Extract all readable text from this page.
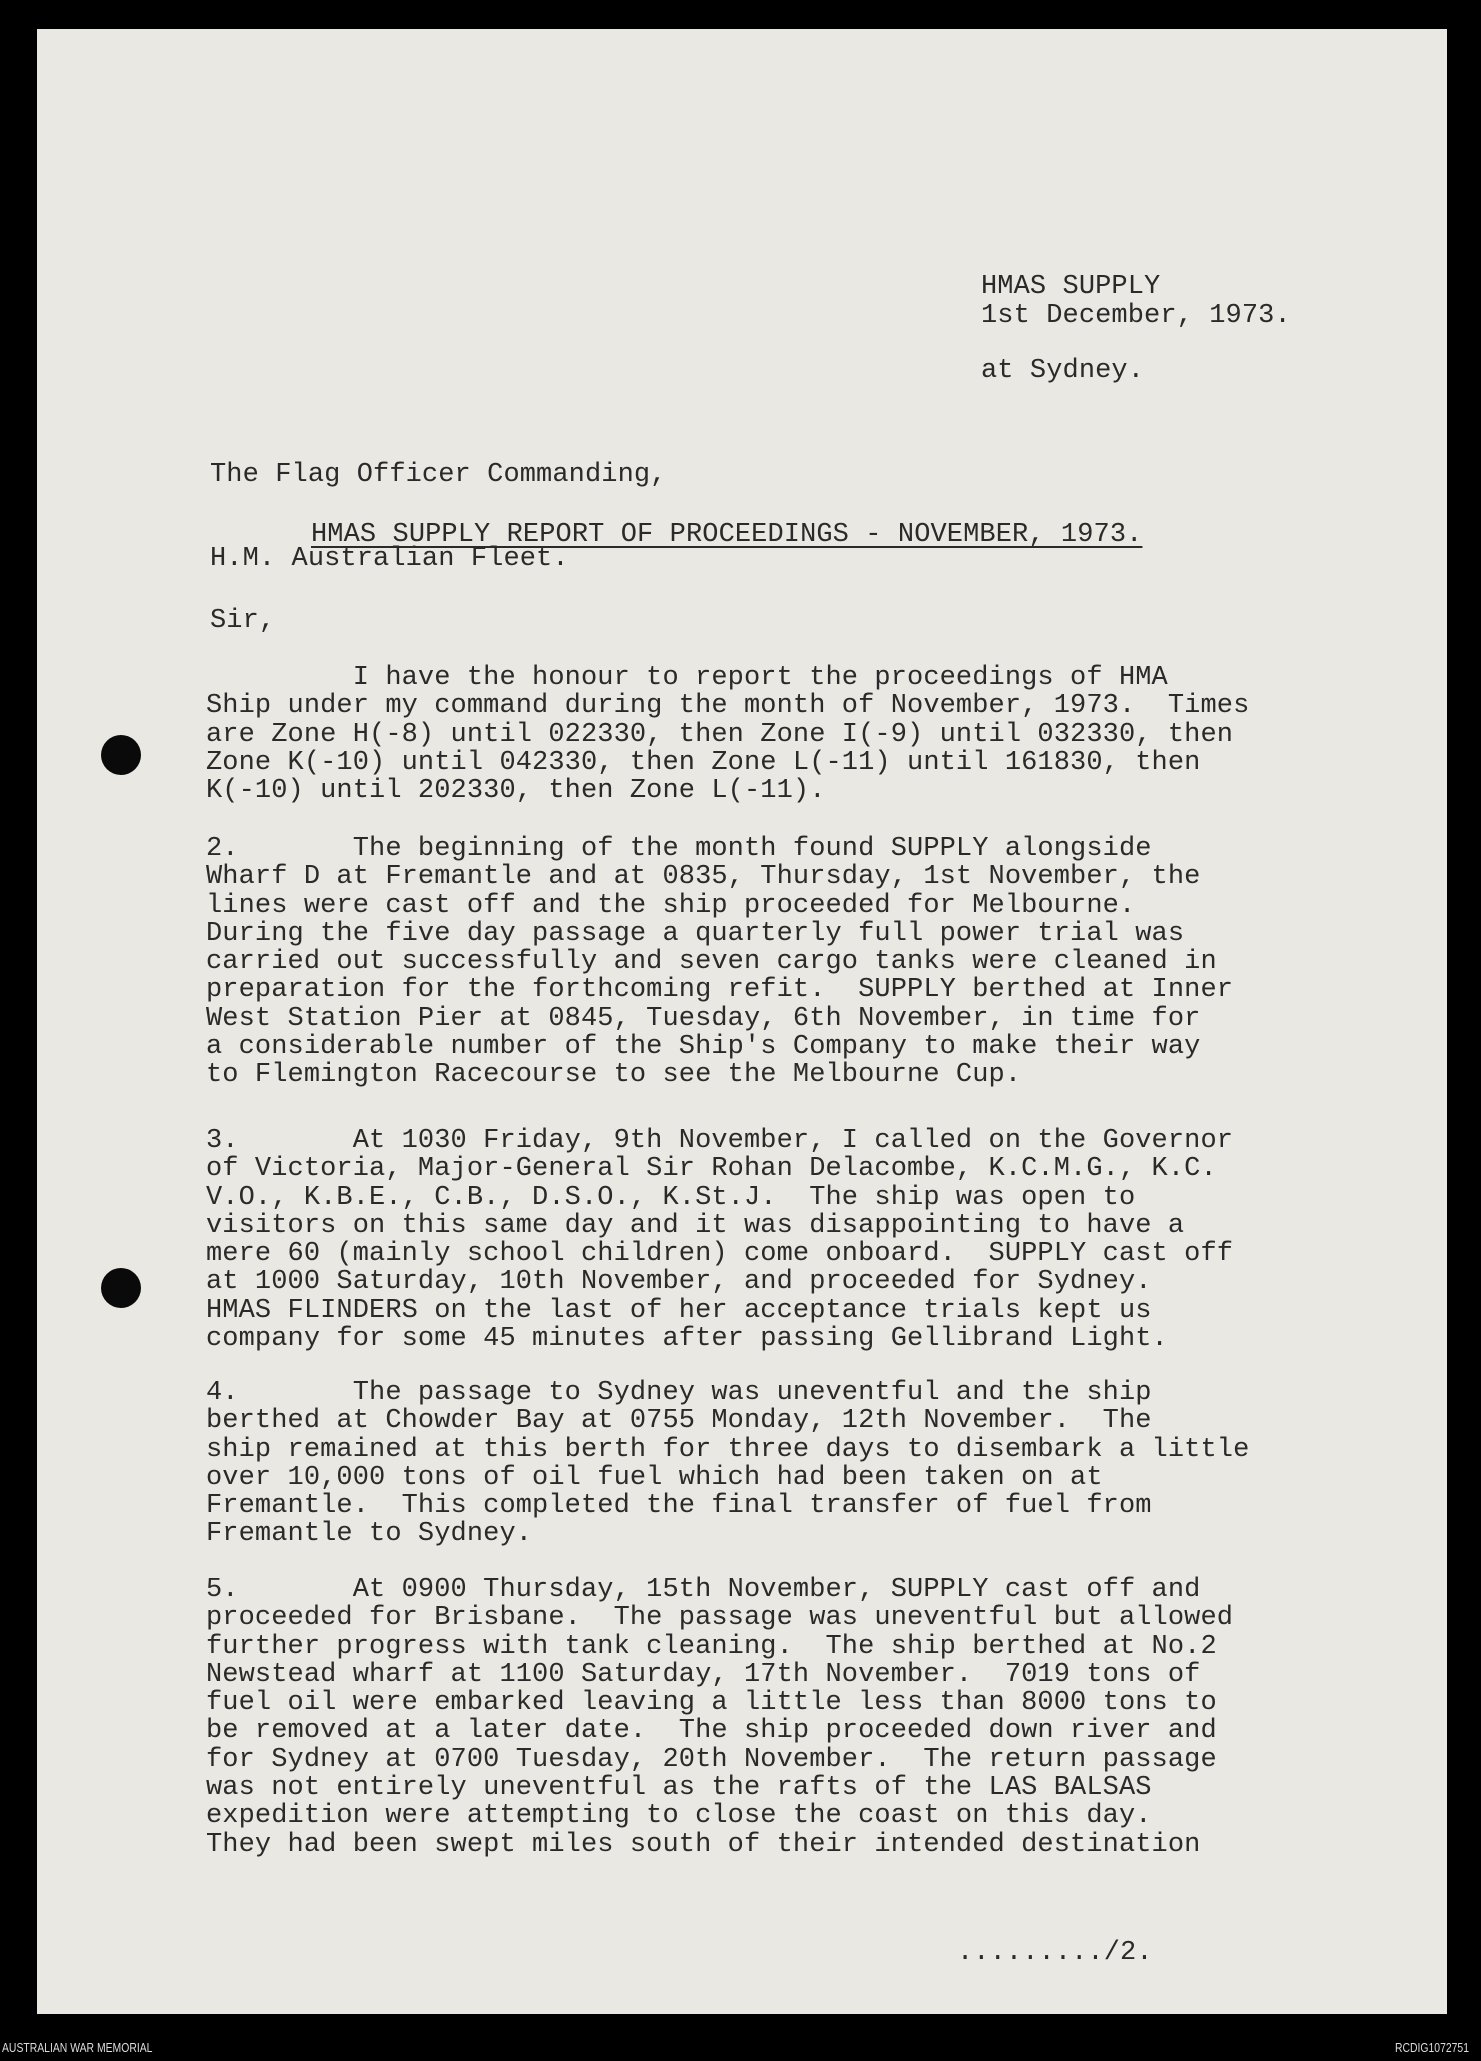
HMAS SUPPLY

at Sydney.

1st December, 1973.

The Flag Officer Commanding,

H.M. Australian Fleet.

HMAS SUPPLY REPORT OF PROCEEDINGS - NOVEMBER, 1973.
Sir,
I have the honour to report the proceedings of HMA
Ship under my command during the month of November, 1973.  Times
are Zone H(-8) until 022330, then Zone I(-9) until 032330, then
Zone K(-10) until 042330, then Zone L(-11) until 161830, then
K(-10) until 202330, then Zone L(-11).
2.       The beginning of the month found SUPPLY alongside
Wharf D at Fremantle and at 0835, Thursday, 1st November, the
lines were cast off and the ship proceeded for Melbourne.
During the five day passage a quarterly full power trial was
carried out successfully and seven cargo tanks were cleaned in
preparation for the forthcoming refit.  SUPPLY berthed at Inner
West Station Pier at 0845, Tuesday, 6th November, in time for
a considerable number of the Ship's Company to make their way
to Flemington Racecourse to see the Melbourne Cup.
3.       At 1030 Friday, 9th November, I called on the Governor
of Victoria, Major-General Sir Rohan Delacombe, K.C.M.G., K.C.
V.O., K.B.E., C.B., D.S.O., K.St.J.  The ship was open to
visitors on this same day and it was disappointing to have a
mere 60 (mainly school children) come onboard.  SUPPLY cast off
at 1000 Saturday, 10th November, and proceeded for Sydney.
HMAS FLINDERS on the last of her acceptance trials kept us
company for some 45 minutes after passing Gellibrand Light.
4.       The passage to Sydney was uneventful and the ship
berthed at Chowder Bay at 0755 Monday, 12th November.  The
ship remained at this berth for three days to disembark a little
over 10,000 tons of oil fuel which had been taken on at
Fremantle.  This completed the final transfer of fuel from
Fremantle to Sydney.
5.       At 0900 Thursday, 15th November, SUPPLY cast off and
proceeded for Brisbane.  The passage was uneventful but allowed
further progress with tank cleaning.  The ship berthed at No.2
Newstead wharf at 1100 Saturday, 17th November.  7019 tons of
fuel oil were embarked leaving a little less than 8000 tons to
be removed at a later date.  The ship proceeded down river and
for Sydney at 0700 Tuesday, 20th November.  The return passage
was not entirely uneventful as the rafts of the LAS BALSAS
expedition were attempting to close the coast on this day.
They had been swept miles south of their intended destination
........./2.
AUSTRALIAN WAR MEMORIAL	RCDIG1072751
